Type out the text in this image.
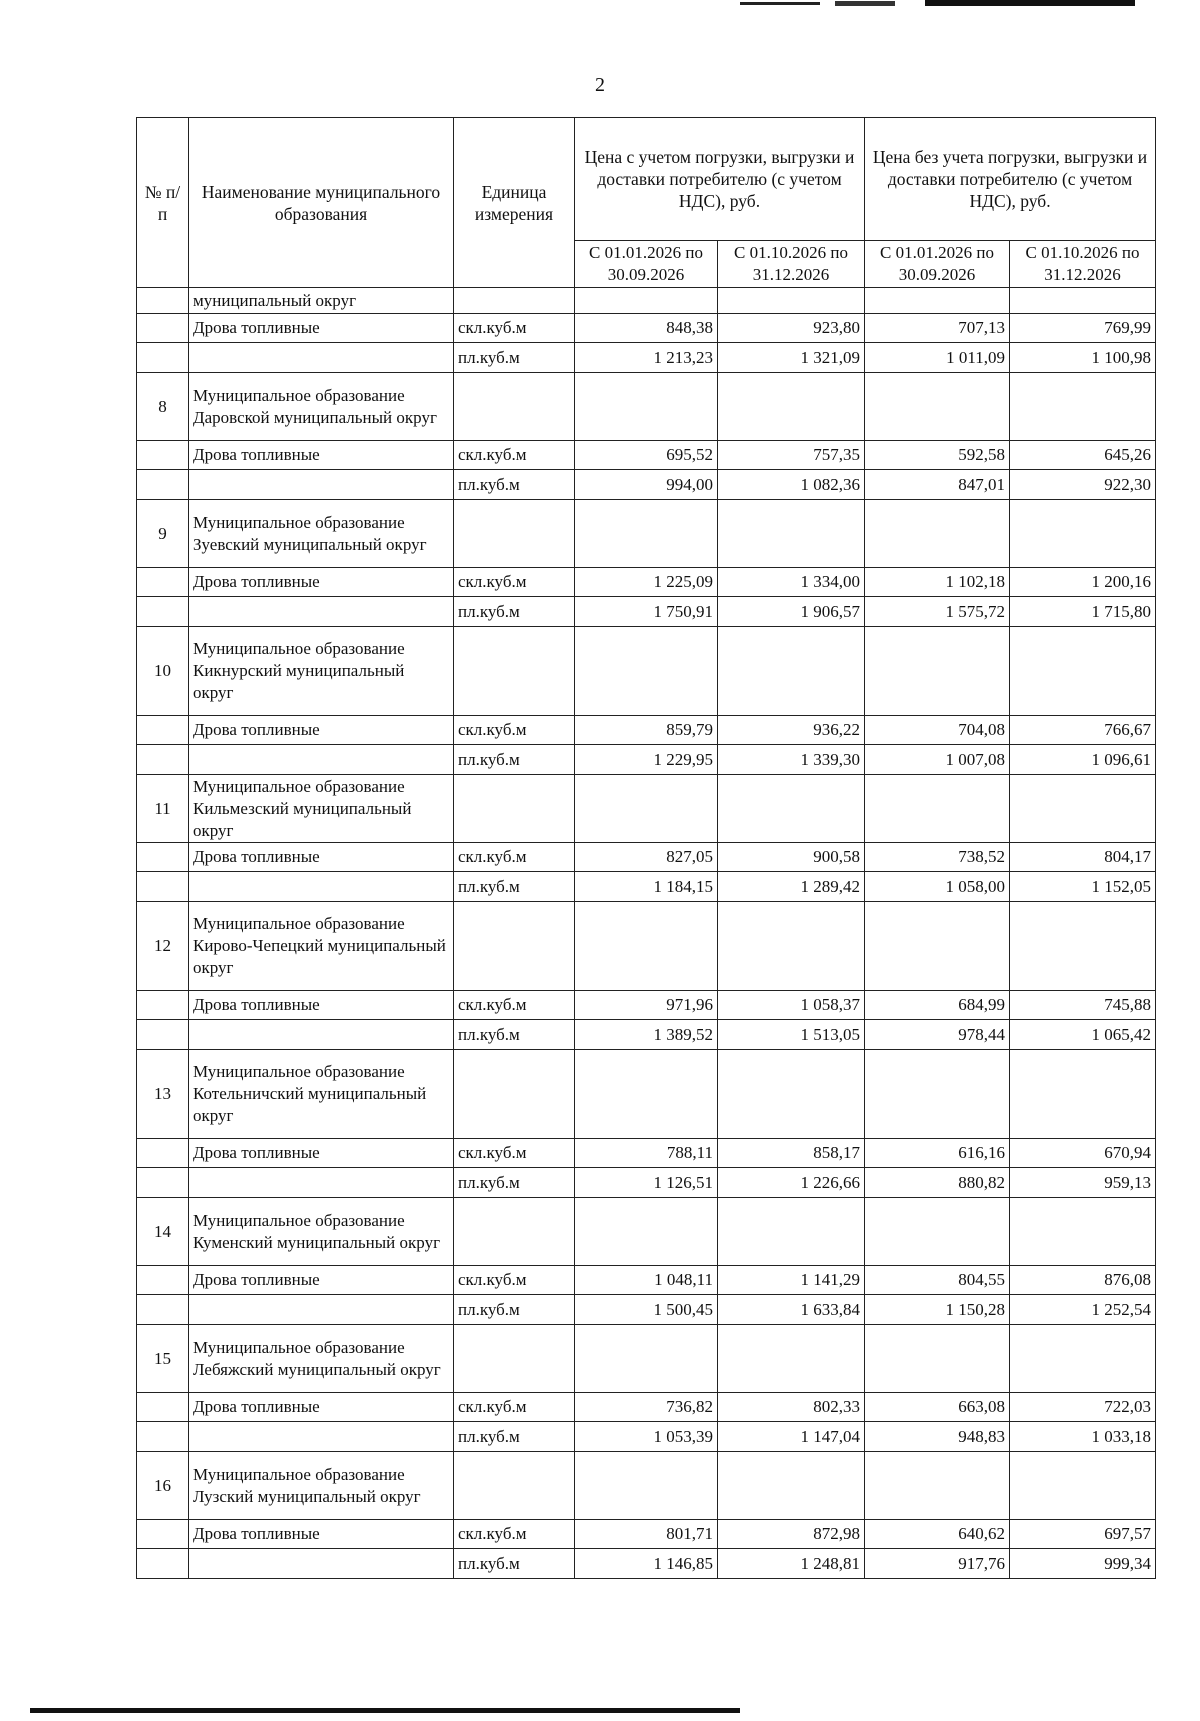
2
№ п/п	Наименование муниципального образования	Единица измерения	Цена с учетом погрузки, выгрузки и доставки потребителю (с учетом НДС), руб.		Цена без учета погрузки, выгрузки и доставки потребителю (с учетом НДС), руб.	
			С 01.01.2026 по 30.09.2026	С 01.10.2026 по 31.12.2026	С 01.01.2026 по 30.09.2026	С 01.10.2026 по 31.12.2026
	муниципальный округ					
	Дрова топливные	скл.куб.м	848,38	923,80	707,13	769,99
		пл.куб.м	1 213,23	1 321,09	1 011,09	1 100,98
8	Муниципальное образование Даровской муниципальный округ					
	Дрова топливные	скл.куб.м	695,52	757,35	592,58	645,26
		пл.куб.м	994,00	1 082,36	847,01	922,30
9	Муниципальное образование Зуевский муниципальный округ					
	Дрова топливные	скл.куб.м	1 225,09	1 334,00	1 102,18	1 200,16
		пл.куб.м	1 750,91	1 906,57	1 575,72	1 715,80
10	Муниципальное образование Кикнурский муниципальный округ					
	Дрова топливные	скл.куб.м	859,79	936,22	704,08	766,67
		пл.куб.м	1 229,95	1 339,30	1 007,08	1 096,61
11	Муниципальное образование Кильмезский муниципальный округ					
	Дрова топливные	скл.куб.м	827,05	900,58	738,52	804,17
		пл.куб.м	1 184,15	1 289,42	1 058,00	1 152,05
12	Муниципальное образование Кирово-Чепецкий муниципальный округ					
	Дрова топливные	скл.куб.м	971,96	1 058,37	684,99	745,88
		пл.куб.м	1 389,52	1 513,05	978,44	1 065,42
13	Муниципальное образование Котельничский муниципальный округ					
	Дрова топливные	скл.куб.м	788,11	858,17	616,16	670,94
		пл.куб.м	1 126,51	1 226,66	880,82	959,13
14	Муниципальное образование Куменский муниципальный округ					
	Дрова топливные	скл.куб.м	1 048,11	1 141,29	804,55	876,08
		пл.куб.м	1 500,45	1 633,84	1 150,28	1 252,54
15	Муниципальное образование Лебяжский муниципальный округ					
	Дрова топливные	скл.куб.м	736,82	802,33	663,08	722,03
		пл.куб.м	1 053,39	1 147,04	948,83	1 033,18
16	Муниципальное образование Лузский муниципальный округ					
	Дрова топливные	скл.куб.м	801,71	872,98	640,62	697,57
		пл.куб.м	1 146,85	1 248,81	917,76	999,34
